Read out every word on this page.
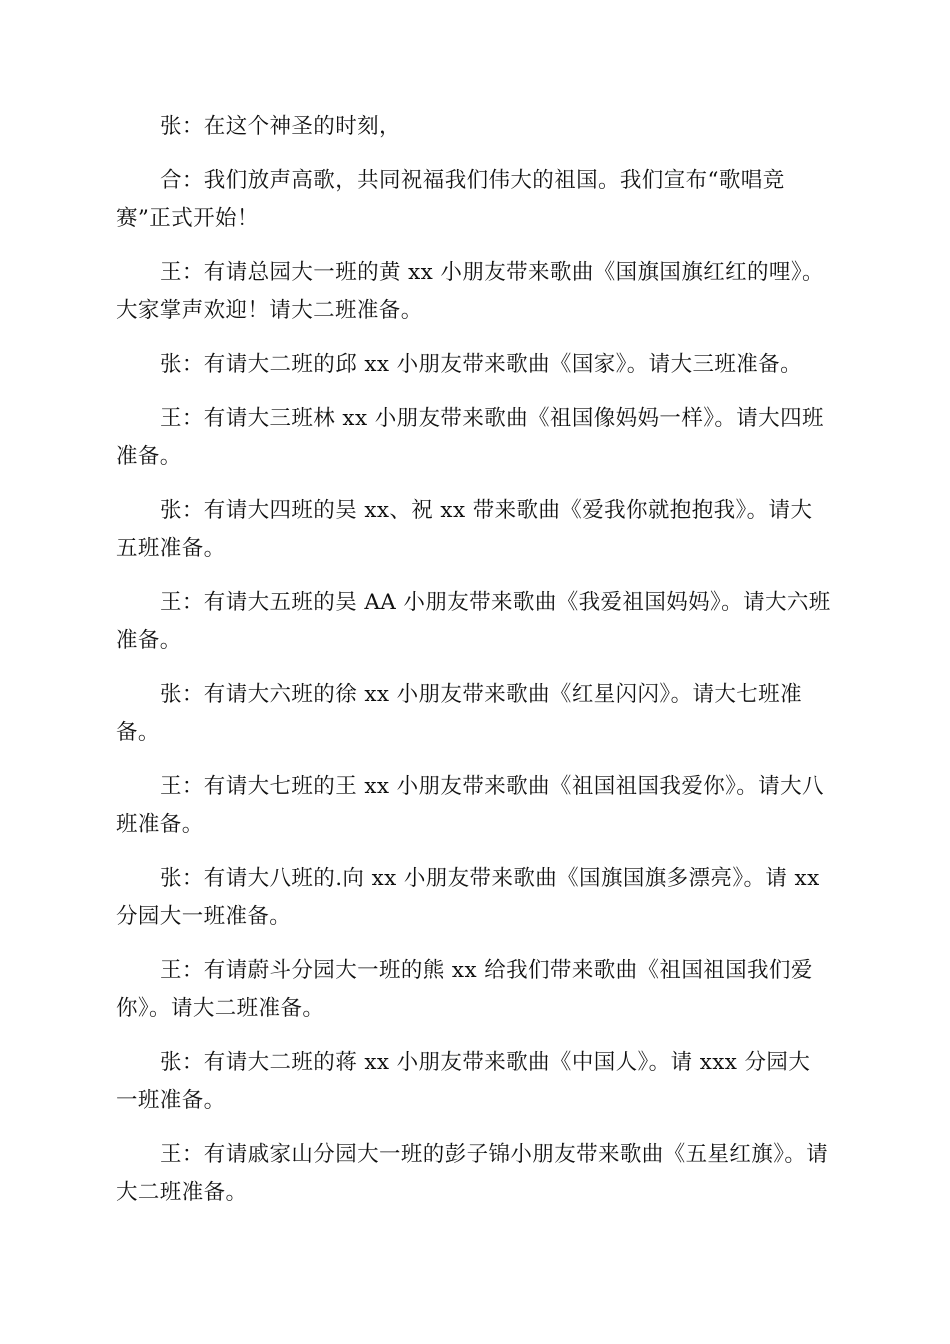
张：在这个神圣的时刻，

合：我们放声高歌，共同祝福我们伟大的祖国。我们宣布“歌唱竞赛”正式开始！

王：有请总园大一班的黄 xx 小朋友带来歌曲《国旗国旗红红的哩》。大家掌声欢迎！请大二班准备。

张：有请大二班的邱 xx 小朋友带来歌曲《国家》。请大三班准备。

王：有请大三班林 xx 小朋友带来歌曲《祖国像妈妈一样》。请大四班准备。

张：有请大四班的吴 xx、祝 xx 带来歌曲《爱我你就抱抱我》。请大五班准备。

王：有请大五班的吴 AA 小朋友带来歌曲《我爱祖国妈妈》。请大六班准备。

张：有请大六班的徐 xx 小朋友带来歌曲《红星闪闪》。请大七班准备。

王：有请大七班的王 xx 小朋友带来歌曲《祖国祖国我爱你》。请大八班准备。

张：有请大八班的.向 xx 小朋友带来歌曲《国旗国旗多漂亮》。请 xx 分园大一班准备。

王：有请蔚斗分园大一班的熊 xx 给我们带来歌曲《祖国祖国我们爱你》。请大二班准备。

张：有请大二班的蒋 xx 小朋友带来歌曲《中国人》。请 xxx 分园大一班准备。

王：有请戚家山分园大一班的彭子锦小朋友带来歌曲《五星红旗》。请大二班准备。
